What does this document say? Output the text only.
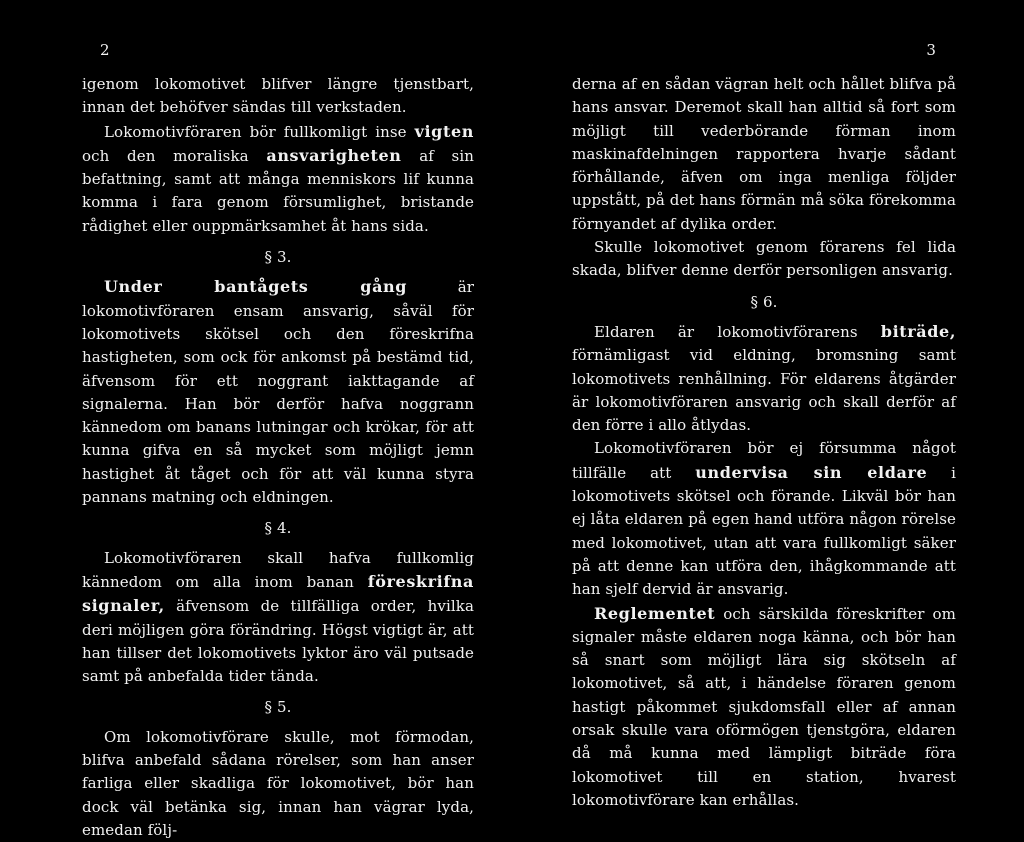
2

igenom lokomotivet blifver längre tjenstbart, innan det behöfver sändas till verkstaden.

Lokomotivföraren bör fullkomligt inse vigten och den moraliska ansvarigheten af sin befattning, samt att många menniskors lif kunna komma i fara genom försumlighet, bristande rådighet eller ouppmärksamhet åt hans sida.

§ 3.

Under bantågets gång	är lokomotivföraren ensam ansvarig, såväl för lokomotivets skötsel och den föreskrifna hastigheten, som ock för ankomst på bestämd tid, äfvensom för ett noggrant iakttagande af signalerna. Han bör derför hafva noggrann kännedom om banans lutningar och krökar, för att kunna gifva en så mycket som möjligt jemn hastighet åt tåget och för att väl kunna styra pannans matning och eldningen.

§ 4.

Lokomotivföraren skall hafva fullkomlig kännedom om alla inom banan föreskrifna signaler, äfvensom de tillfälliga order, hvilka deri möjligen göra förändring. Högst vigtigt är, att han tillser det lokomotivets lyktor äro väl putsade samt på anbefalda tider tända.

§ 5.

Om lokomotivförare skulle, mot förmodan, blifva anbefald sådana rörelser, som han anser farliga eller skadliga för lokomotivet, bör han dock väl betänka sig, innan han vägrar lyda, emedan följ-

3

derna af en sådan vägran helt och hållet blifva på hans ansvar. Deremot skall han alltid så fort som möjligt till vederbörande förman inom maskinafdelningen rapportera hvarje sådant förhållande, äfven om inga menliga följder uppstått, på det hans förmän må söka förekomma förnyandet af dylika order.

Skulle lokomotivet genom förarens fel lida skada, blifver denne derför personligen ansvarig.

§ 6.

Eldaren är lokomotivförarens biträde, förnämligast vid eldning, bromsning samt lokomotivets renhållning. För eldarens åtgärder är lokomotivföraren ansvarig och skall derför af den förre i allo åtlydas.

Lokomotivföraren bör ej försumma något tillfälle att undervisa sin eldare i lokomotivets skötsel och förande. Likväl bör han ej låta eldaren på egen hand utföra någon rörelse med lokomotivet, utan att vara fullkomligt säker på att denne kan utföra den, ihågkommande att han sjelf dervid är ansvarig.

Reglementet och särskilda föreskrifter om signaler måste eldaren noga känna, och bör han så snart som möjligt lära sig skötseln af lokomotivet, så att, i händelse föraren genom hastigt påkommet sjukdomsfall eller af annan orsak skulle vara oförmögen tjenstgöra, eldaren då må kunna med lämpligt biträde föra lokomotivet till en station, hvarest lokomotivförare kan erhållas.
